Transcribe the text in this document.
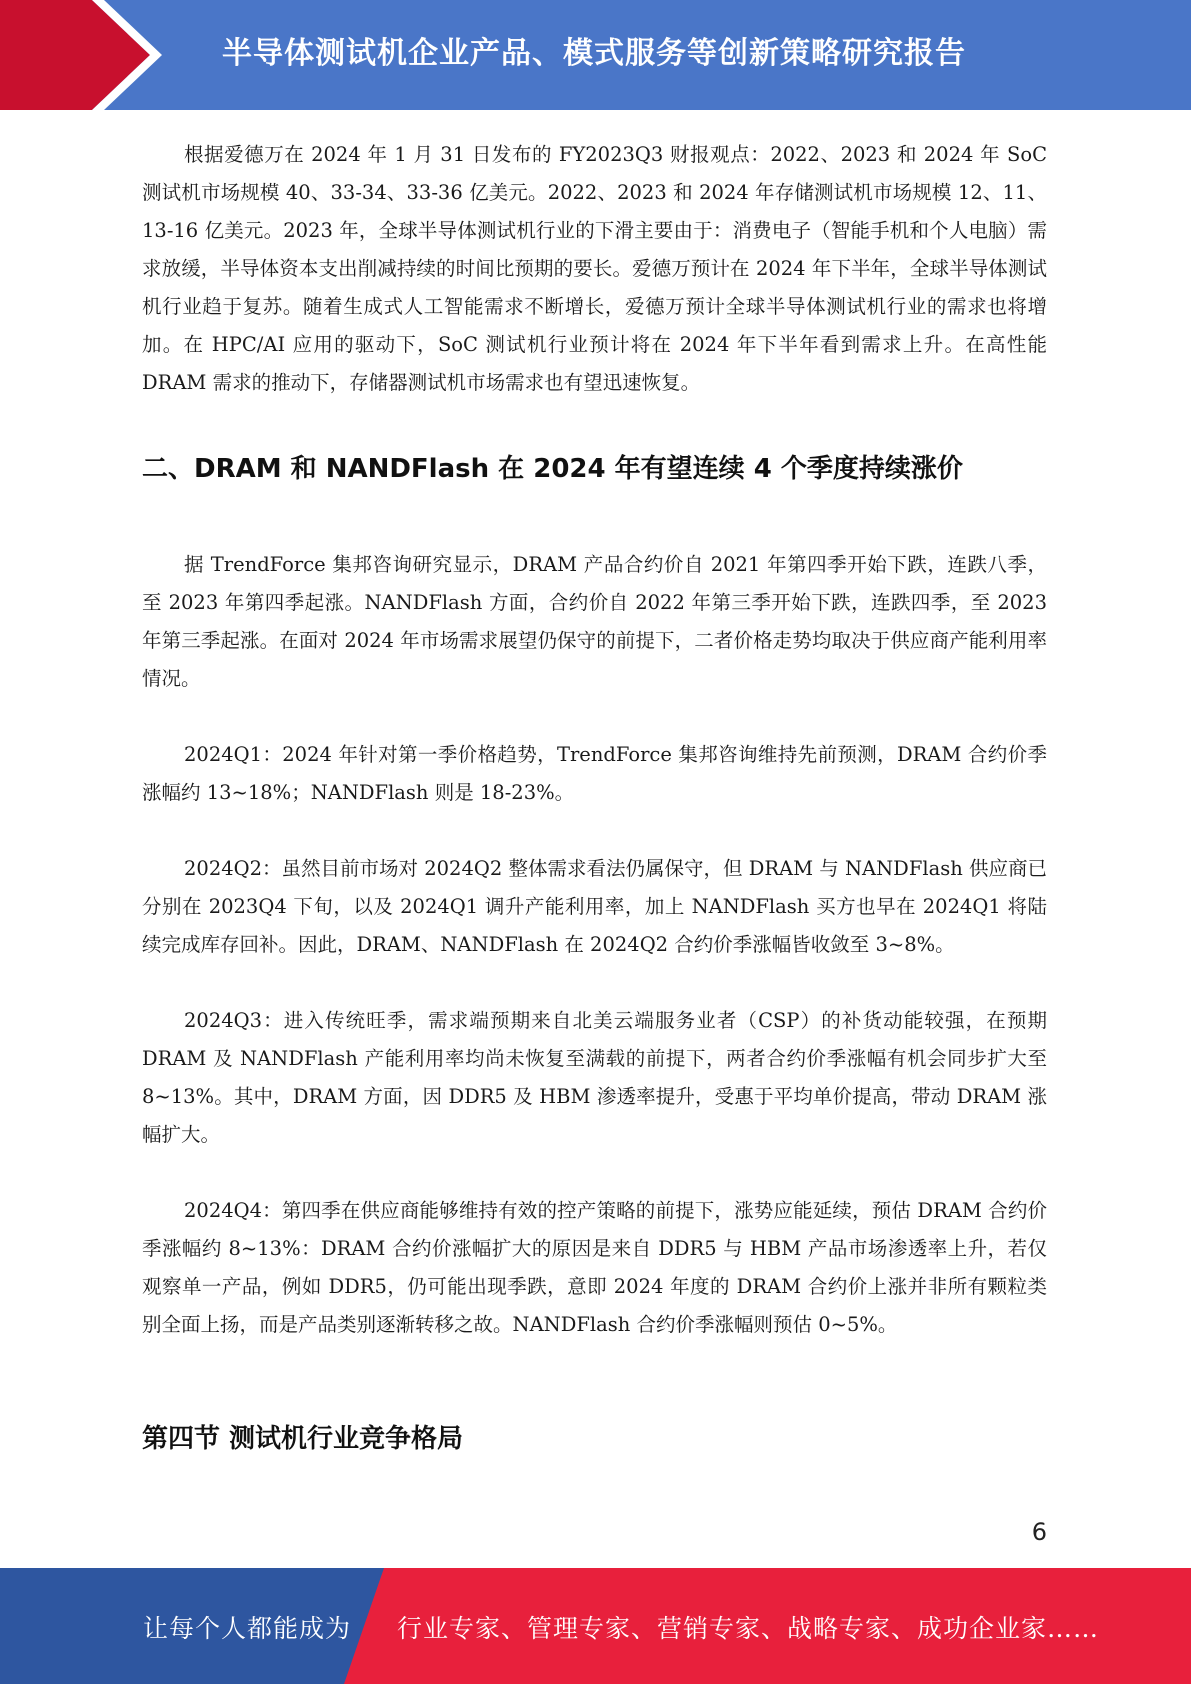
半导体测试机企业产品、模式服务等创新策略研究报告

根据爱德万在 2024 年 1 月 31 日发布的 FY2023Q3 财报观点：2022、2023 和 2024 年 SoC 测试机市场规模 40、33-34、33-36 亿美元。2022、2023 和 2024 年存储测试机市场规模 12、11、13-16 亿美元。2023 年，全球半导体测试机行业的下滑主要由于：消费电子（智能手机和个人电脑）需求放缓，半导体资本支出削减持续的时间比预期的要长。爱德万预计在 2024 年下半年，全球半导体测试机行业趋于复苏。随着生成式人工智能需求不断增长，爱德万预计全球半导体测试机行业的需求也将增加。在 HPC/AI 应用的驱动下，SoC 测试机行业预计将在 2024 年下半年看到需求上升。在高性能 DRAM 需求的推动下，存储器测试机市场需求也有望迅速恢复。

二、DRAM 和 NANDFlash 在 2024 年有望连续 4 个季度持续涨价

据 TrendForce 集邦咨询研究显示，DRAM 产品合约价自 2021 年第四季开始下跌，连跌八季，至 2023 年第四季起涨。NANDFlash 方面，合约价自 2022 年第三季开始下跌，连跌四季，至 2023 年第三季起涨。在面对 2024 年市场需求展望仍保守的前提下，二者价格走势均取决于供应商产能利用率情况。

2024Q1：2024 年针对第一季价格趋势，TrendForce 集邦咨询维持先前预测，DRAM 合约价季涨幅约 13~18%；NANDFlash 则是 18-23%。

2024Q2：虽然目前市场对 2024Q2 整体需求看法仍属保守，但 DRAM 与 NANDFlash 供应商已分别在 2023Q4 下旬，以及 2024Q1 调升产能利用率，加上 NANDFlash 买方也早在 2024Q1 将陆续完成库存回补。因此，DRAM、NANDFlash 在 2024Q2 合约价季涨幅皆收敛至 3~8%。

2024Q3：进入传统旺季，需求端预期来自北美云端服务业者（CSP）的补货动能较强，在预期 DRAM 及 NANDFlash 产能利用率均尚未恢复至满载的前提下，两者合约价季涨幅有机会同步扩大至 8~13%。其中，DRAM 方面，因 DDR5 及 HBM 渗透率提升，受惠于平均单价提高，带动 DRAM 涨幅扩大。

2024Q4：第四季在供应商能够维持有效的控产策略的前提下，涨势应能延续，预估 DRAM 合约价季涨幅约 8~13%：DRAM 合约价涨幅扩大的原因是来自 DDR5 与 HBM 产品市场渗透率上升，若仅观察单一产品，例如 DDR5，仍可能出现季跌，意即 2024 年度的 DRAM 合约价上涨并非所有颗粒类别全面上扬，而是产品类别逐渐转移之故。NANDFlash 合约价季涨幅则预估 0~5%。

第四节 测试机行业竞争格局
6
让每个人都能成为 行业专家、管理专家、营销专家、战略专家、成功企业家……
